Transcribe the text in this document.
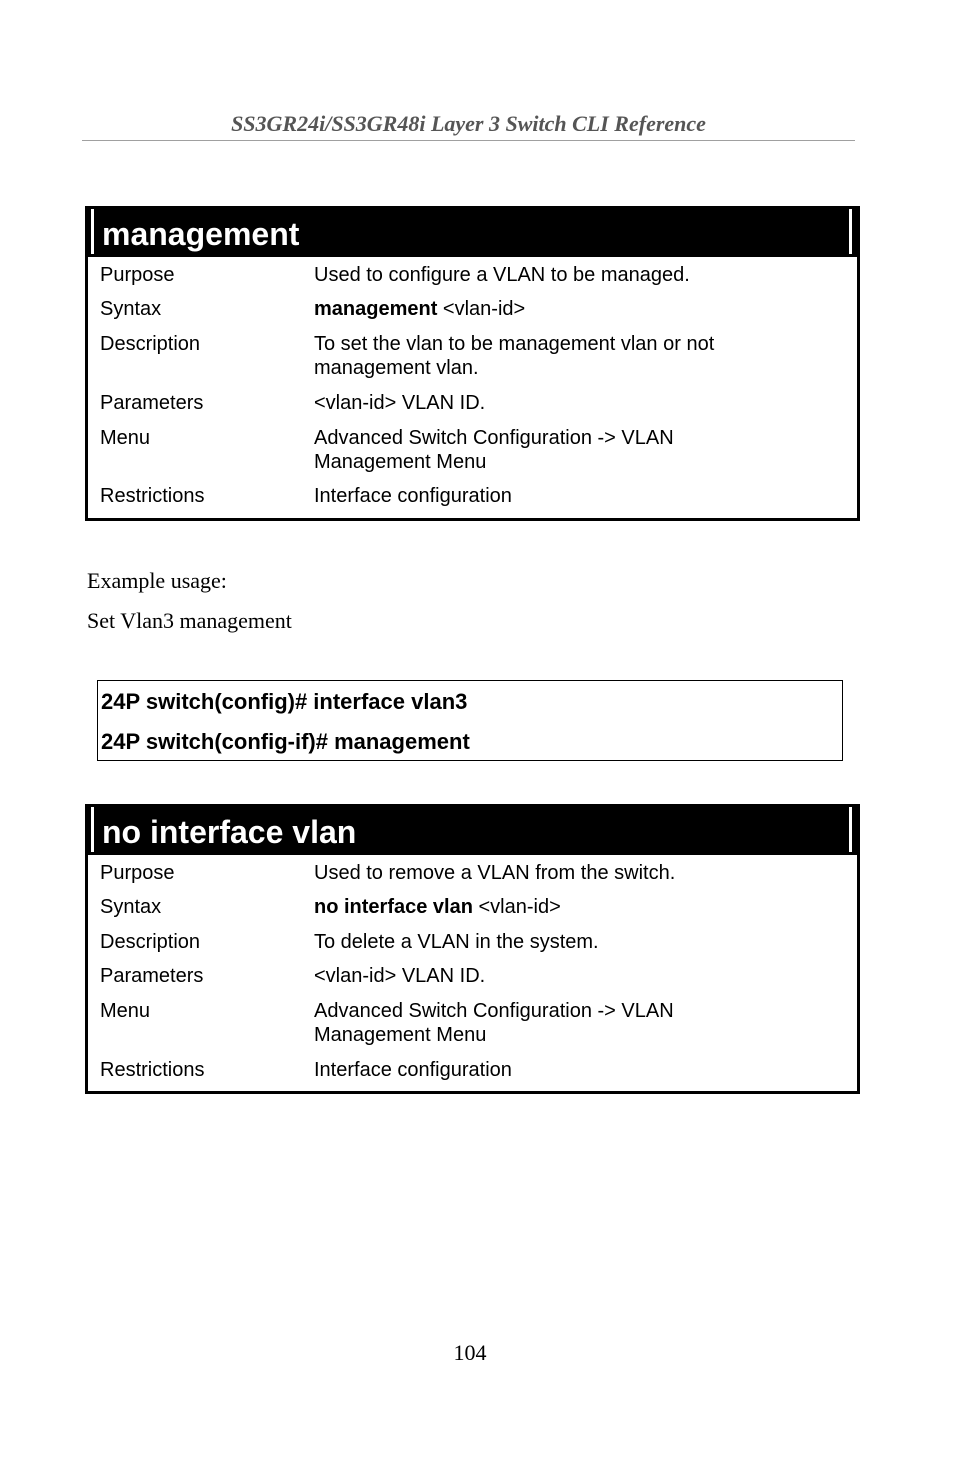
SS3GR24i/SS3GR48i Layer 3 Switch CLI Reference
management
Purpose	Used to configure a VLAN to be managed.
Syntax	management <vlan-id>
Description	To set the vlan to be management vlan or not
management vlan.
Parameters	<vlan-id> VLAN ID.
Menu	Advanced Switch Configuration -> VLAN
Management Menu
Restrictions	Interface configuration
Example usage:
Set Vlan3 management
24P switch(config)# interface vlan3
24P switch(config-if)# management
no interface vlan
Purpose	Used to remove a VLAN from the switch.
Syntax	no interface vlan <vlan-id>
Description	To delete a VLAN in the system.
Parameters	<vlan-id> VLAN ID.
Menu	Advanced Switch Configuration -> VLAN
Management Menu
Restrictions	Interface configuration
104
